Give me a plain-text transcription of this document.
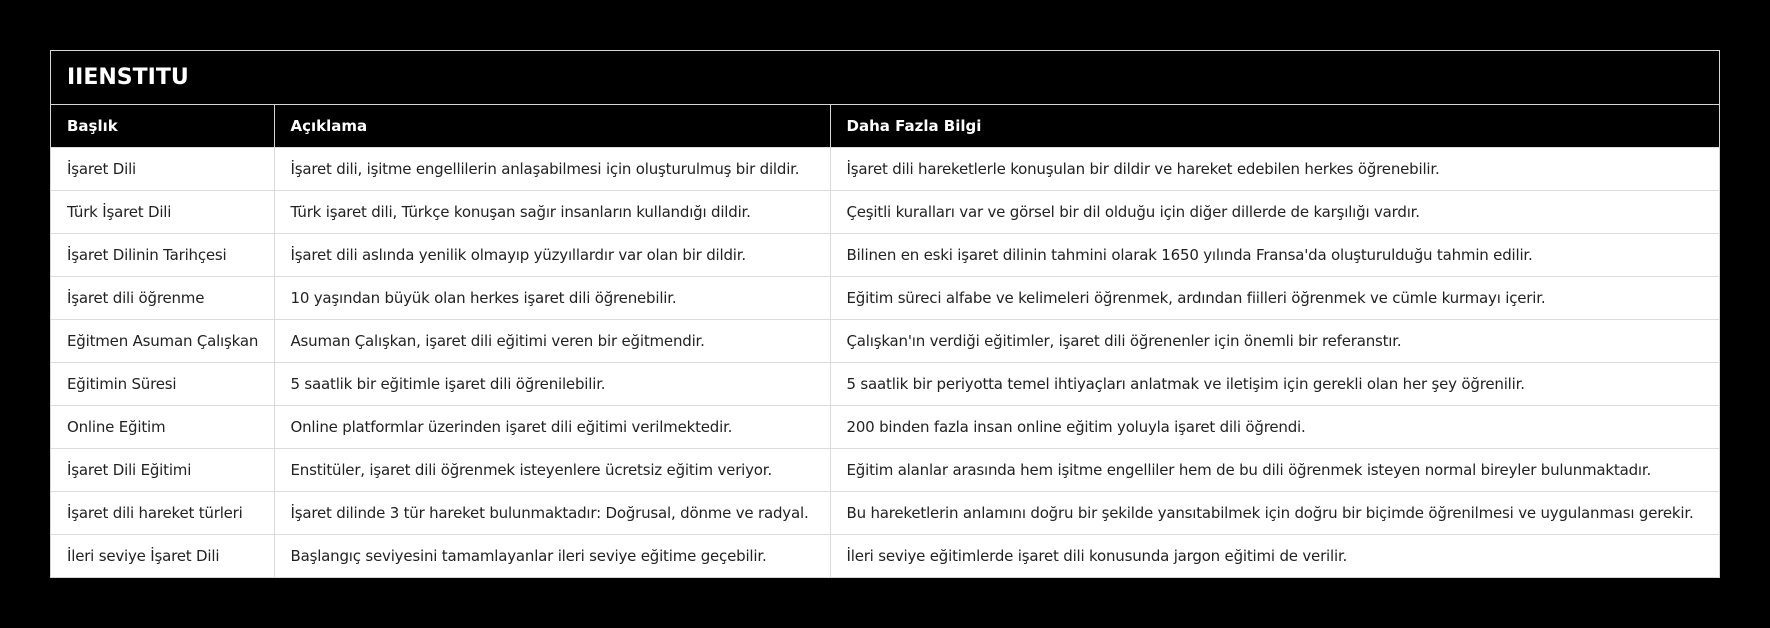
IIENSTITU
Başlık	Açıklama	Daha Fazla Bilgi
İşaret Dili	İşaret dili, işitme engellilerin anlaşabilmesi için oluşturulmuş bir dildir.	İşaret dili hareketlerle konuşulan bir dildir ve hareket edebilen herkes öğrenebilir.
Türk İşaret Dili	Türk işaret dili, Türkçe konuşan sağır insanların kullandığı dildir.	Çeşitli kuralları var ve görsel bir dil olduğu için diğer dillerde de karşılığı vardır.
İşaret Dilinin Tarihçesi	İşaret dili aslında yenilik olmayıp yüzyıllardır var olan bir dildir.	Bilinen en eski işaret dilinin tahmini olarak 1650 yılında Fransa'da oluşturulduğu tahmin edilir.
İşaret dili öğrenme	10 yaşından büyük olan herkes işaret dili öğrenebilir.	Eğitim süreci alfabe ve kelimeleri öğrenmek, ardından fiilleri öğrenmek ve cümle kurmayı içerir.
Eğitmen Asuman Çalışkan	Asuman Çalışkan, işaret dili eğitimi veren bir eğitmendir.	Çalışkan'ın verdiği eğitimler, işaret dili öğrenenler için önemli bir referanstır.
Eğitimin Süresi	5 saatlik bir eğitimle işaret dili öğrenilebilir.	5 saatlik bir periyotta temel ihtiyaçları anlatmak ve iletişim için gerekli olan her şey öğrenilir.
Online Eğitim	Online platformlar üzerinden işaret dili eğitimi verilmektedir.	200 binden fazla insan online eğitim yoluyla işaret dili öğrendi.
İşaret Dili Eğitimi	Enstitüler, işaret dili öğrenmek isteyenlere ücretsiz eğitim veriyor.	Eğitim alanlar arasında hem işitme engelliler hem de bu dili öğrenmek isteyen normal bireyler bulunmaktadır.
İşaret dili hareket türleri	İşaret dilinde 3 tür hareket bulunmaktadır: Doğrusal, dönme ve radyal.	Bu hareketlerin anlamını doğru bir şekilde yansıtabilmek için doğru bir biçimde öğrenilmesi ve uygulanması gerekir.
İleri seviye İşaret Dili	Başlangıç seviyesini tamamlayanlar ileri seviye eğitime geçebilir.	İleri seviye eğitimlerde işaret dili konusunda jargon eğitimi de verilir.
